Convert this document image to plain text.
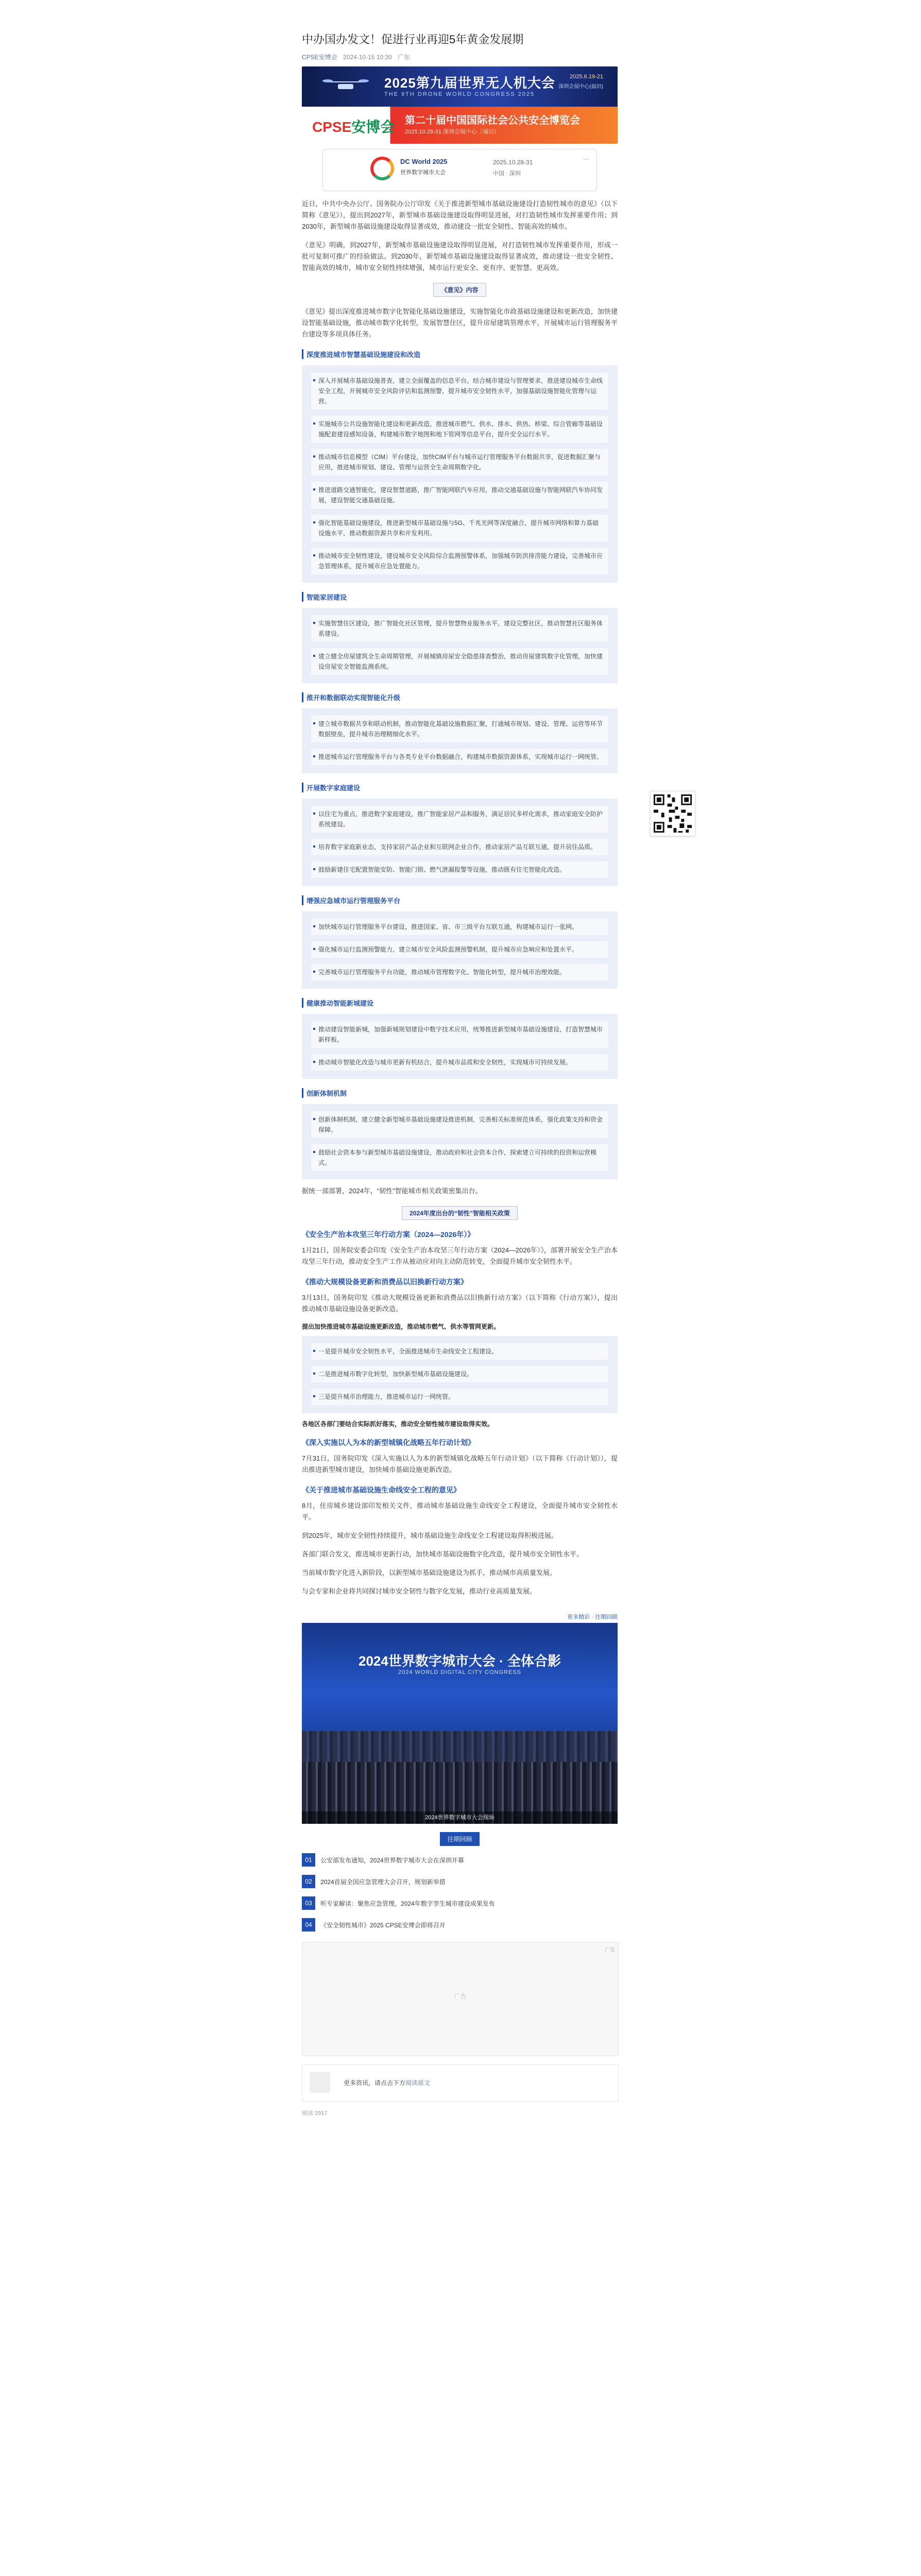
中办国办发文！促进行业再迎5年黄金发展期
CPSE安博会 2024-10-15 10:30 广东
2025第九届世界无人机大会
THE 9TH DRONE WORLD CONGRESS 2025
2025.6.19-21
深圳会展中心(福田)
CPSE安博会 第二十届中国国际社会公共安全博览会
2025.10.28-31 深圳会展中心（福田）
DC World 2025
世界数字城市大会
2025.10.28-31
中国 · 深圳
⋯

近日，中共中央办公厅、国务院办公厅印发《关于推进新型城市基础设施建设打造韧性城市的意见》（以下简称《意见》），提出到2027年，新型城市基础设施建设取得明显进展，对打造韧性城市发挥重要作用；到2030年，新型城市基础设施建设取得显著成效，推动建设一批安全韧性、智能高效的城市。

《意见》明确，到2027年，新型城市基础设施建设取得明显进展，对打造韧性城市发挥重要作用，形成一批可复制可推广的经验做法。到2030年，新型城市基础设施建设取得显著成效，推动建设一批安全韧性、智能高效的城市，城市安全韧性持续增强，城市运行更安全、更有序、更智慧、更高效。

《意见》内容

《意见》提出深度推进城市数字化智能化基础设施建设，实施智能化市政基础设施建设和更新改造，加快建设智能基础设施，推动城市数字化转型，发展智慧住区，提升房屋建筑管理水平，开展城市运行管理服务平台建设等多项具体任务。

深度推进城市智慧基础设施建设和改造
深入开展城市基础设施普查，建立全面覆盖的信息平台。结合城市建设与管理要求，推进建设城市生命线安全工程，开展城市安全风险评估和监测预警，提升城市安全韧性水平，加强基础设施智能化管理与运营。
实施城市公共设施智能化建设和更新改造，推进城市燃气、供水、排水、供热、桥梁、综合管廊等基础设施配套建设感知设备，构建城市数字地图和地下管网等信息平台，提升安全运行水平。
推动城市信息模型（CIM）平台建设，加快CIM平台与城市运行管理服务平台数据共享，促进数据汇聚与应用，推进城市规划、建设、管理与运营全生命周期数字化。
推进道路交通智能化，建设智慧道路，推广智能网联汽车应用，推动交通基础设施与智能网联汽车协同发展，建设智能交通基础设施。
强化智能基础设施建设，推进新型城市基础设施与5G、千兆光网等深度融合，提升城市网络和算力基础设施水平，推动数据资源共享和开发利用。
推动城市安全韧性建设，建设城市安全风险综合监测预警体系，加强城市防洪排涝能力建设，完善城市应急管理体系，提升城市应急处置能力。
智能家居建设
实施智慧住区建设，推广智能化社区管理，提升智慧物业服务水平，建设完整社区，推动智慧社区服务体系建设。
建立健全房屋建筑全生命周期管理，开展城镇房屋安全隐患排查整治，推动房屋建筑数字化管理，加快建设房屋安全智能监测系统。
推开和数据联动实现智能化升级
建立城市数据共享和联动机制，推动智能化基础设施数据汇聚，打通城市规划、建设、管理、运营等环节数据壁垒，提升城市治理精细化水平。
推进城市运行管理服务平台与各类专业平台数据融合，构建城市数据资源体系，实现城市运行一网统管。
开展数字家庭建设
以住宅为重点，推进数字家庭建设，推广智能家居产品和服务，满足居民多样化需求，推动家庭安全防护系统建设。
培育数字家庭新业态，支持家居产品企业和互联网企业合作，推动家居产品互联互通，提升居住品质。
鼓励新建住宅配置智能安防、智能门锁、燃气泄漏报警等设施，推动既有住宅智能化改造。
增强应急城市运行管理服务平台
加快城市运行管理服务平台建设，推进国家、省、市三级平台互联互通，构建城市运行一张网。
强化城市运行监测预警能力，建立城市安全风险监测预警机制，提升城市应急响应和处置水平。
完善城市运行管理服务平台功能，推动城市管理数字化、智能化转型，提升城市治理效能。
健康推动智能新城建设
推动建设智能新城，加强新城规划建设中数字技术应用，统筹推进新型城市基础设施建设，打造智慧城市新样板。
推动城市智能化改造与城市更新有机结合，提升城市品质和安全韧性，实现城市可持续发展。
创新体制机制
创新体制机制，建立健全新型城市基础设施建设推进机制，完善相关标准规范体系，强化政策支持和资金保障。
鼓励社会资本参与新型城市基础设施建设，推动政府和社会资本合作，探索建立可持续的投资和运营模式。

据统一部部署，2024年，“韧性”智能城市相关政策密集出台。

2024年度出台的“韧性”智能相关政策
《安全生产治本攻坚三年行动方案（2024—2026年）》

1月21日，国务院安委会印发《安全生产治本攻坚三年行动方案（2024—2026年）》，部署开展安全生产治本攻坚三年行动，推动安全生产工作从被动应对向主动防范转变，全面提升城市安全韧性水平。

《推动大规模设备更新和消费品以旧换新行动方案》

3月13日，国务院印发《推动大规模设备更新和消费品以旧换新行动方案》（以下简称《行动方案》），提出推动城市基础设施设备更新改造。

提出加快推进城市基础设施更新改造，推动城市燃气、供水等管网更新。
一是提升城市安全韧性水平，全面推进城市生命线安全工程建设。
二是推进城市数字化转型，加快新型城市基础设施建设。
三是提升城市治理能力，推进城市运行一网统管。
各地区各部门要结合实际抓好落实，推动安全韧性城市建设取得实效。
《深入实施以人为本的新型城镇化战略五年行动计划》

7月31日，国务院印发《深入实施以人为本的新型城镇化战略五年行动计划》（以下简称《行动计划》），提出推进新型城市建设，加快城市基础设施更新改造。

《关于推进城市基础设施生命线安全工程的意见》

8月，住房城乡建设部印发相关文件，推动城市基础设施生命线安全工程建设，全面提升城市安全韧性水平。

到2025年，城市安全韧性持续提升，城市基础设施生命线安全工程建设取得积极进展。

各部门联合发文，推进城市更新行动，加快城市基础设施数字化改造，提升城市安全韧性水平。

当前城市数字化进入新阶段，以新型城市基础设施建设为抓手，推动城市高质量发展。

与会专家和企业将共同探讨城市安全韧性与数字化发展，推动行业高质量发展。

更多精彩 · 往期回顾
2024世界数字城市大会 · 全体合影
2024 WORLD DIGITAL CITY CONGRESS
2024世界数字城市大会现场
往期回顾
01	公安部发布通知，2024世界数字城市大会在深圳开幕
02	2024首届全国应急管理大会召开，规划新举措
03	听专家解读：聚焦应急管理，2024年数字孪生城市建设成果发布
04	《安全韧性城市》2025 CPSE安博会即将召开
广告
广告
更多资讯，请点击下方阅读原文
阅读 2917
